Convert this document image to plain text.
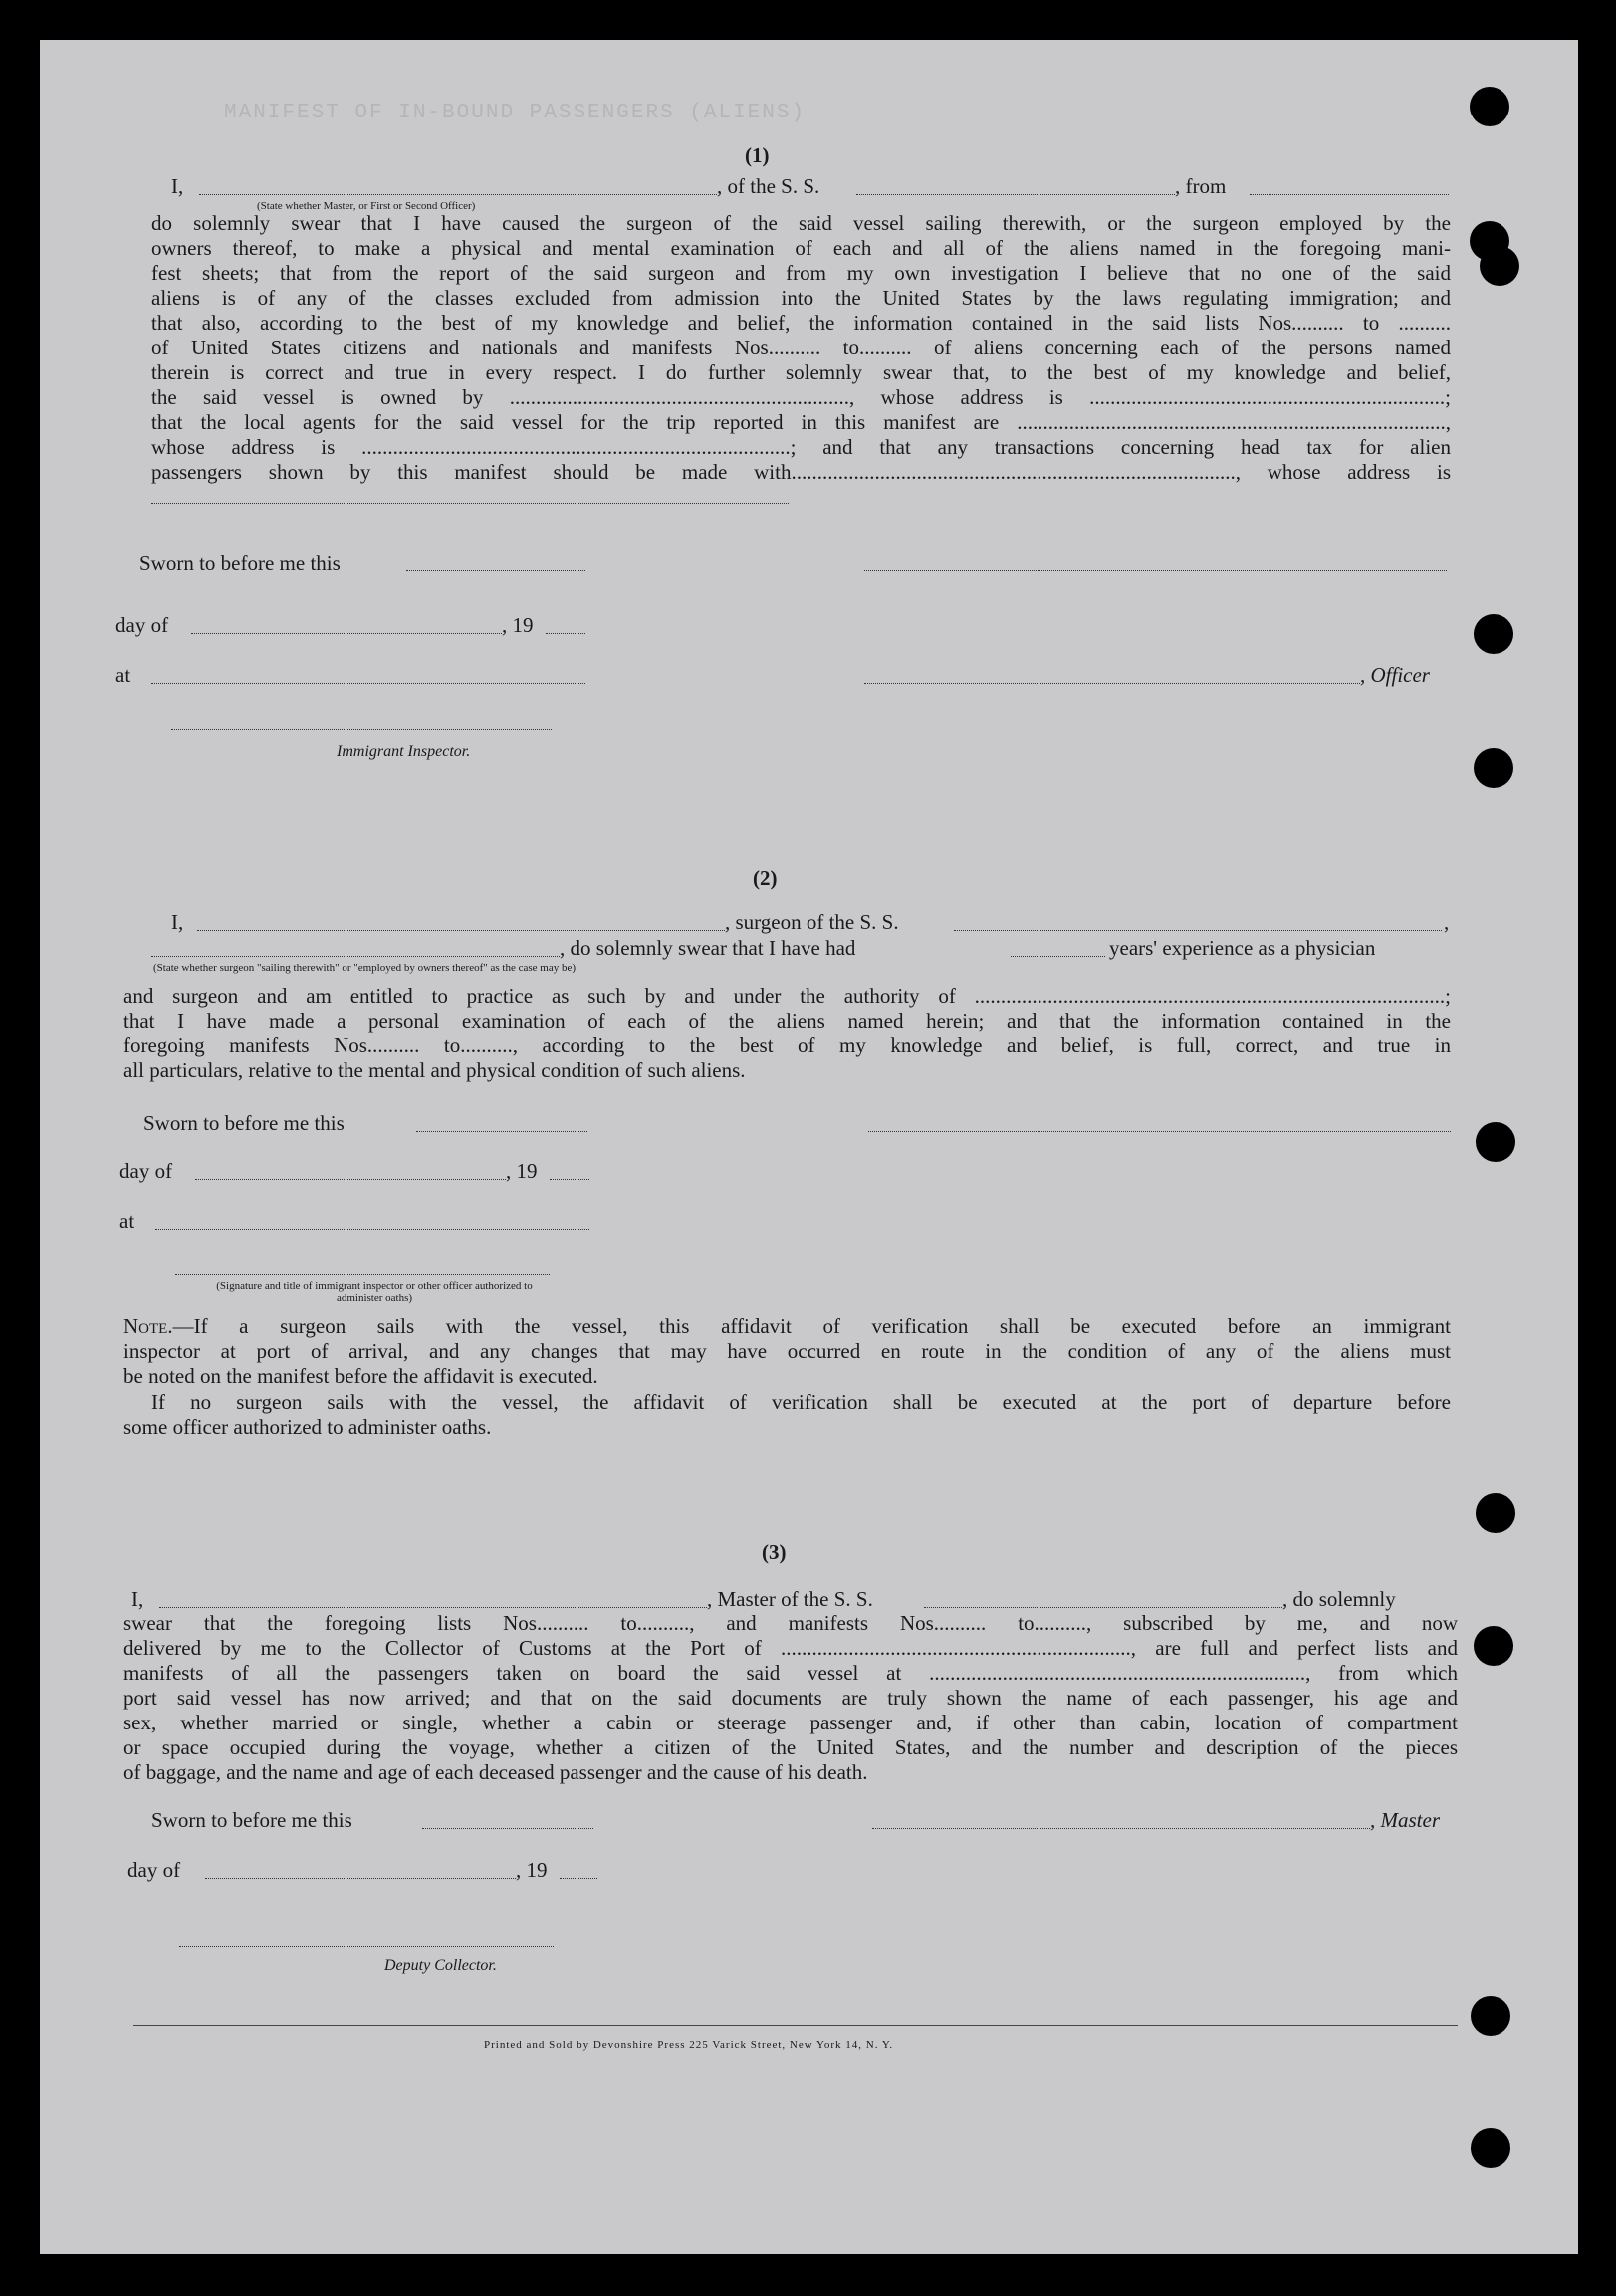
MANIFEST OF IN-BOUND PASSENGERS (ALIENS)
(1)
I,	, of the S. S.	, from
(State whether Master, or First or Second Officer)
do solemnly swear that I have caused the surgeon of the said vessel sailing therewith, or the surgeon employed by the
owners thereof, to make a physical and mental examination of each and all of the aliens named in the foregoing mani-
fest sheets; that from the report of the said surgeon and from my own investigation I believe that no one of the said
aliens is of any of the classes excluded from admission into the United States by the laws regulating immigration; and
that also, according to the best of my knowledge and belief, the information contained in the said lists Nos.......... to ..........
of United States citizens and nationals and manifests Nos.......... to.......... of aliens concerning each of the persons named
therein is correct and true in every respect. I do further solemnly swear that, to the best of my knowledge and belief,
the said vessel is owned by ................................................................., whose address is ....................................................................;
that the local agents for the said vessel for the trip reported in this manifest are ..................................................................................,
whose address is ..................................................................................; and that any transactions concerning head tax for alien
passengers shown by this manifest should be made with....................................................................................., whose address is
Sworn to before me this
day of	, 19
at	, Officer
Immigrant Inspector.
(2)
I,	, surgeon of the S. S.	,
, do solemnly swear that I have had	years' experience as a physician
(State whether surgeon "sailing therewith" or "employed by owners thereof" as the case may be)
and surgeon and am entitled to practice as such by and under the authority of ..........................................................................................;
that I have made a personal examination of each of the aliens named herein; and that the information contained in the
foregoing manifests Nos.......... to.........., according to the best of my knowledge and belief, is full, correct, and true in
all particulars, relative to the mental and physical condition of such aliens.
Sworn to before me this
day of	, 19
at
(Signature and title of immigrant inspector or other officer authorized to administer oaths)
Note.—If a surgeon sails with the vessel, this affidavit of verification shall be executed before an immigrant
inspector at port of arrival, and any changes that may have occurred en route in the condition of any of the aliens must
be noted on the manifest before the affidavit is executed.
If no surgeon sails with the vessel, the affidavit of verification shall be executed at the port of departure before
some officer authorized to administer oaths.
(3)
I,	, Master of the S. S.	, do solemnly
swear that the foregoing lists Nos.......... to.........., and manifests Nos.......... to.........., subscribed by me, and now
delivered by me to the Collector of Customs at the Port of ..................................................................., are full and perfect lists and
manifests of all the passengers taken on board the said vessel at ........................................................................, from which
port said vessel has now arrived; and that on the said documents are truly shown the name of each passenger, his age and
sex, whether married or single, whether a cabin or steerage passenger and, if other than cabin, location of compartment
or space occupied during the voyage, whether a citizen of the United States, and the number and description of the pieces
of baggage, and the name and age of each deceased passenger and the cause of his death.
Sworn to before me this	, Master
day of	, 19
Deputy Collector.
Printed and Sold by Devonshire Press 225 Varick Street, New York 14, N. Y.
